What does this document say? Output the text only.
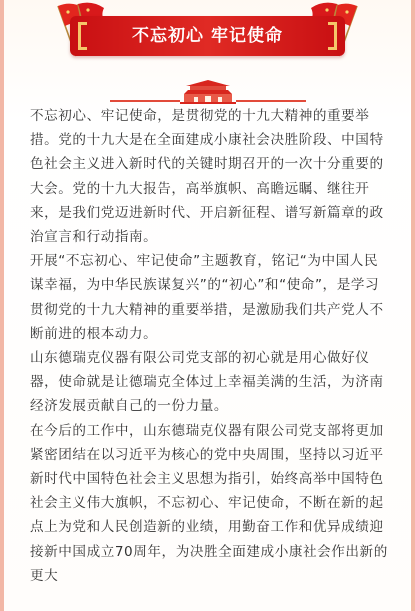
不忘初心 牢记使命

不忘初心、牢记使命，是贯彻党的十九大精神的重要举措。党的十九大是在全面建成小康社会决胜阶段、中国特色社会主义进入新时代的关键时期召开的一次十分重要的大会。党的十九大报告，高举旗帜、高瞻远瞩、继往开来，是我们党迈进新时代、开启新征程、谱写新篇章的政治宣言和行动指南。

开展“不忘初心、牢记使命”主题教育，铭记“为中国人民谋幸福，为中华民族谋复兴”的“初心”和“使命”，是学习贯彻党的十九大精神的重要举措，是激励我们共产党人不断前进的根本动力。

山东德瑞克仪器有限公司党支部的初心就是用心做好仪器，使命就是让德瑞克全体过上幸福美满的生活，为济南经济发展贡献自己的一份力量。

在今后的工作中，山东德瑞克仪器有限公司党支部将更加紧密团结在以习近平为核心的党中央周围，坚持以习近平新时代中国特色社会主义思想为指引，始终高举中国特色社会主义伟大旗帜，不忘初心、牢记使命，不断在新的起点上为党和人民创造新的业绩，用勤奋工作和优异成绩迎接新中国成立70周年，为决胜全面建成小康社会作出新的更大
